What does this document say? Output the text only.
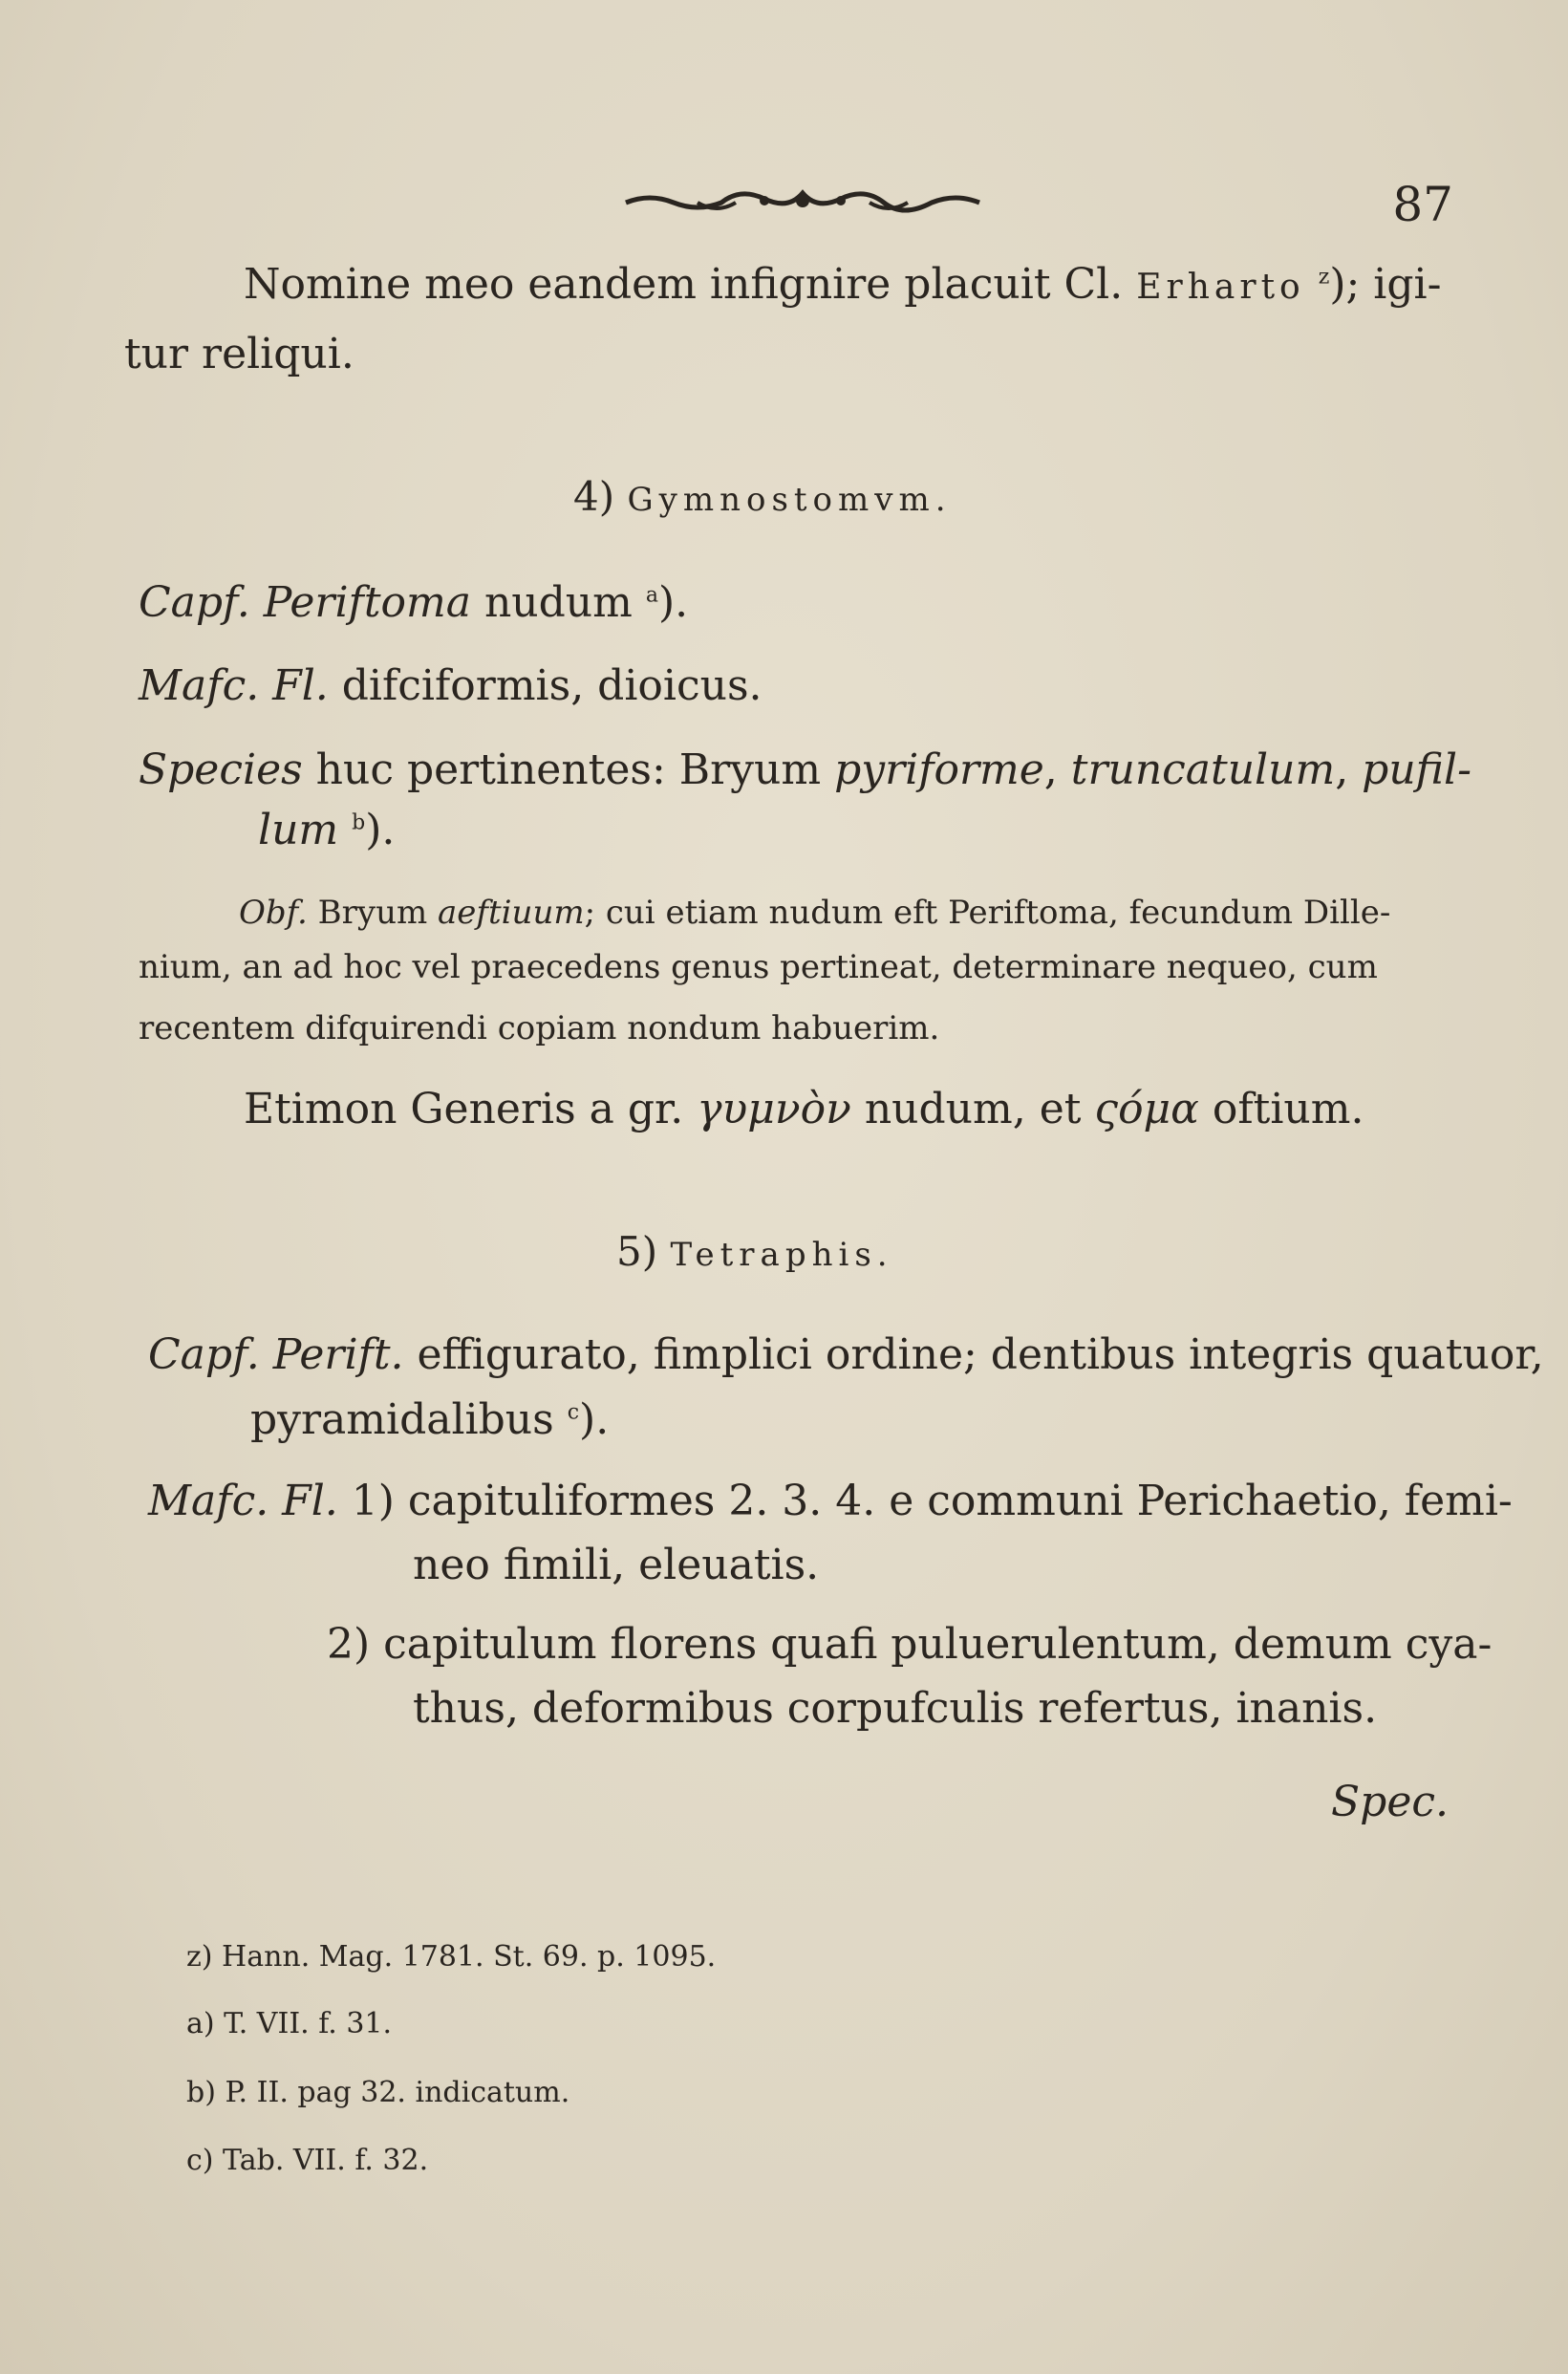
87
Nomine meo eandem infignire placuit Cl. Erharto $^z$); igi-
tur reliqui.
4) Gymnostomvm.
Capf. Periftoma nudum $^a$).
Mafc. Fl. difciformis, dioicus.
Species huc pertinentes: Bryum pyriforme, truncatulum, pufil-
lum $^b$).
Obf. Bryum aeftiuum; cui etiam nudum eft Periftoma, fecundum Dille-
nium, an ad hoc vel praecedens genus pertineat, determinare nequeo, cum
recentem difquirendi copiam nondum habuerim.
Etimon Generis a gr. γυμνὸν nudum, et ςόμα oftium.
5) Tetraphis.
Capf. Perift. effigurato, fimplici ordine; dentibus integris quatuor,
pyramidalibus $^c$).
Mafc. Fl. 1) capituliformes 2. 3. 4. e communi Perichaetio, femi-
neo fimili, eleuatis.
2) capitulum florens quafi puluerulentum, demum cya-
thus, deformibus corpufculis refertus, inanis.
Spec.
z) Hann. Mag. 1781. St. 69. p. 1095.
a) T. VII. f. 31.
b) P. II. pag 32. indicatum.
c) Tab. VII. f. 32.
